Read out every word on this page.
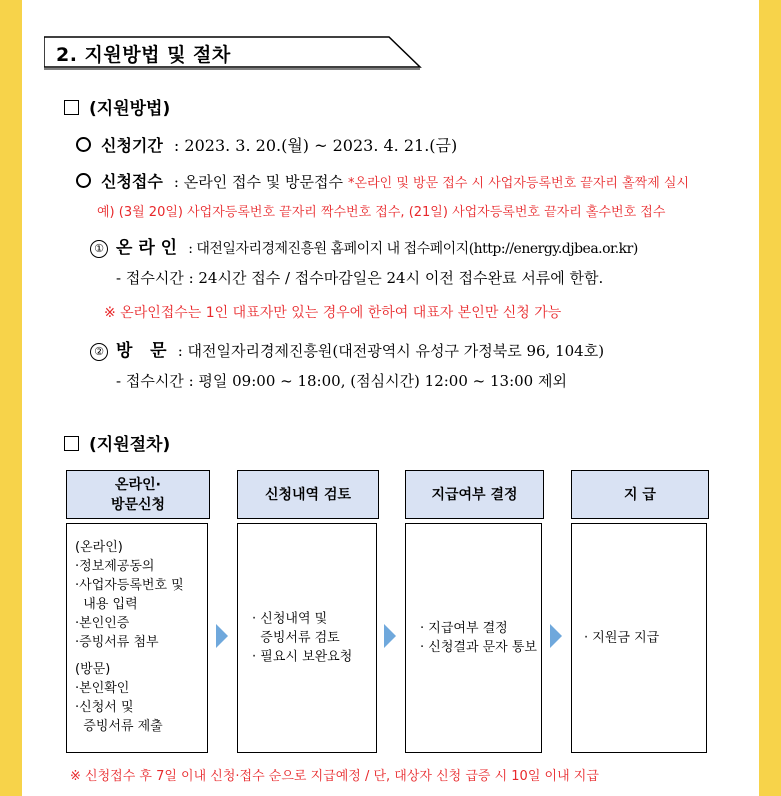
2. 지원방법 및 절차
(지원방법)
신청기간 : 2023. 3. 20.(월) ~ 2023. 4. 21.(금)
신청접수 : 온라인 접수 및 방문접수 *온라인 및 방문 접수 시 사업자등록번호 끝자리 홀짝제 실시
예) (3월 20일) 사업자등록번호 끝자리 짝수번호 접수, (21일) 사업자등록번호 끝자리 홀수번호 접수
① 온 라 인 : 대전일자리경제진흥원 홈페이지 내 접수페이지(http://energy.djbea.or.kr)
- 접수시간 : 24시간 접수 / 접수마감일은 24시 이전 접수완료 서류에 한함.
※ 온라인접수는 1인 대표자만 있는 경우에 한하여 대표자 본인만 신청 가능
② 방   문 : 대전일자리경제진흥원(대전광역시 유성구 가정북로 96, 104호)
- 접수시간 : 평일 09:00 ~ 18:00, (점심시간) 12:00 ~ 13:00 제외
(지원절차)
온라인·
방문신청
신청내역 검토	지급여부 결정	지 급
(온라인)
·정보제공동의
·사업자등록번호 및
내용 입력
·본인인증
·증빙서류 첨부
(방문)
·본인확인
·신청서 및
증빙서류 제출
· 신청내역 및
증빙서류 검토
· 필요시 보완요청
· 지급여부 결정
· 신청결과 문자 통보
· 지원금 지급
※ 신청접수 후 7일 이내 신청·접수 순으로 지급예정 / 단, 대상자 신청 급증 시 10일 이내 지급
